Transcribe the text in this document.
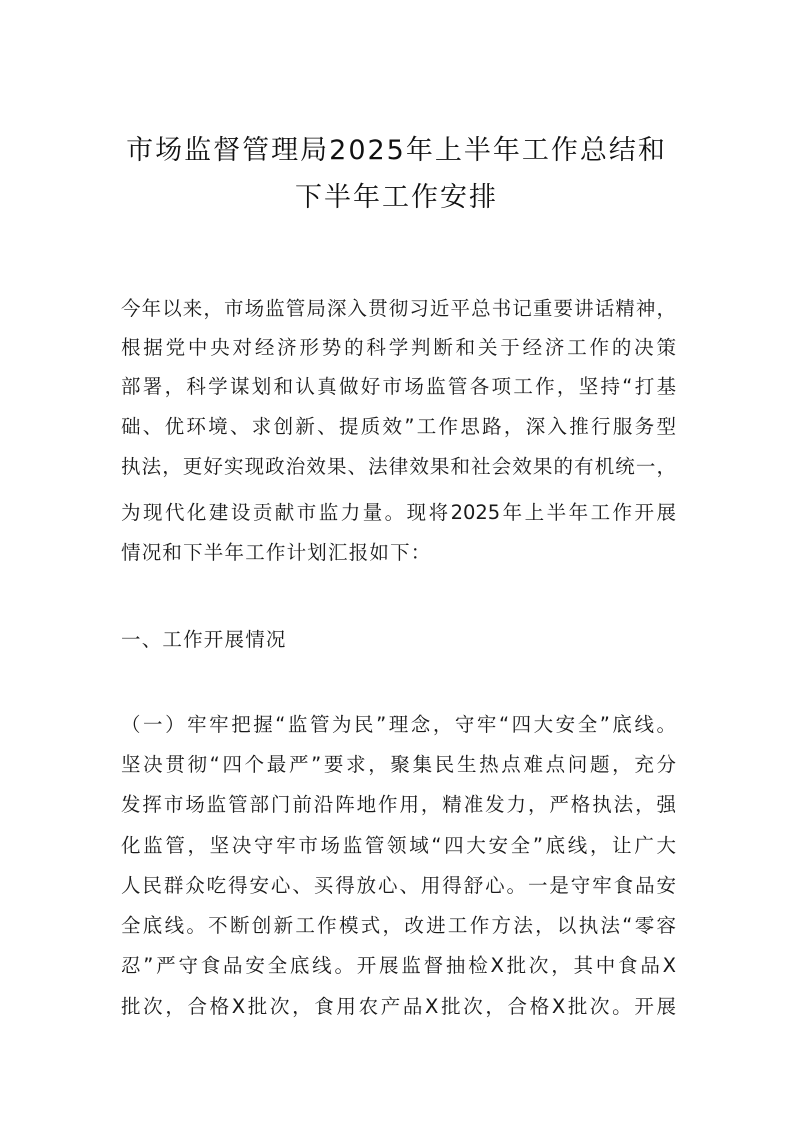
市场监督管理局2025年上半年工作总结和
下半年工作安排
今年以来，市场监管局深入贯彻习近平总书记重要讲话精神，
根据党中央对经济形势的科学判断和关于经济工作的决策
部署，科学谋划和认真做好市场监管各项工作，坚持“打基
础、优环境、求创新、提质效”工作思路，深入推行服务型
执法，更好实现政治效果、法律效果和社会效果的有机统一，
为现代化建设贡献市监力量。现将2025年上半年工作开展
情况和下半年工作计划汇报如下：
一、工作开展情况
（一）牢牢把握“监管为民”理念，守牢“四大安全”底线。
坚决贯彻“四个最严”要求，聚集民生热点难点问题，充分
发挥市场监管部门前沿阵地作用，精准发力，严格执法，强
化监管，坚决守牢市场监管领域“四大安全”底线，让广大
人民群众吃得安心、买得放心、用得舒心。一是守牢食品安
全底线。不断创新工作模式，改进工作方法，以执法“零容
忍”严守食品安全底线。开展监督抽检X批次，其中食品X
批次，合格X批次，食用农产品X批次，合格X批次。开展
